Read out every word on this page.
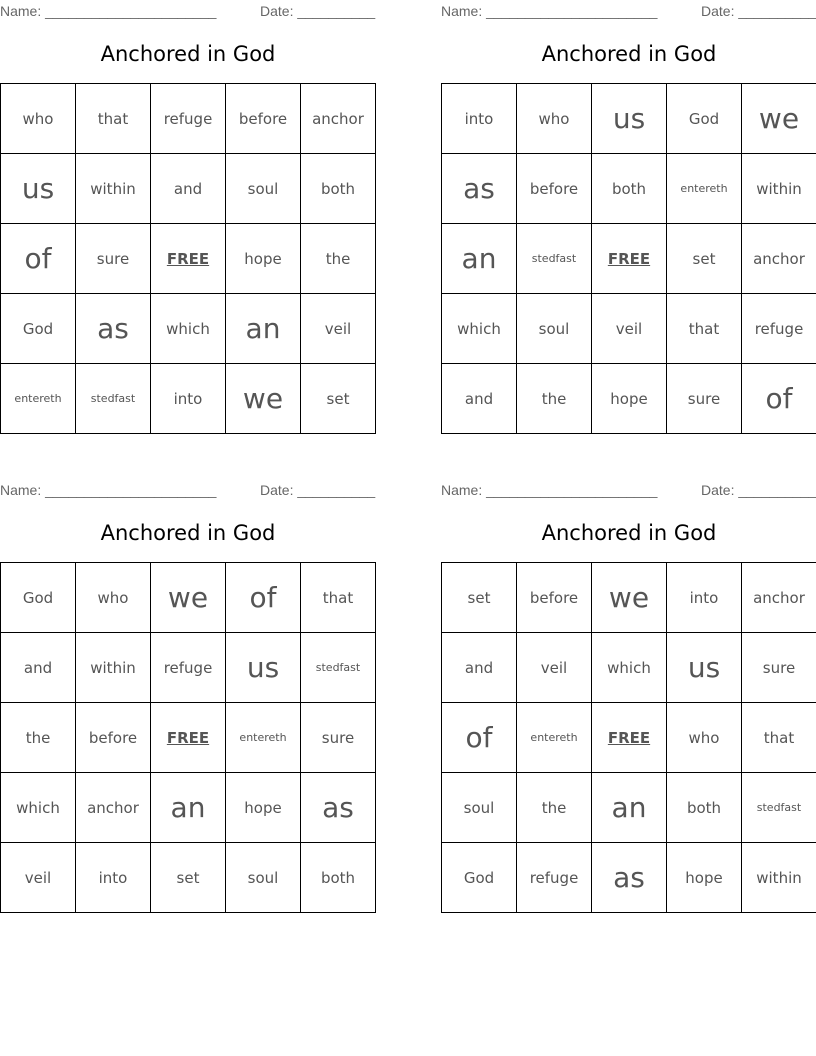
Name: ______________________	Date: __________
Anchored in God
who	that	refuge	before	anchor
us	within	and	soul	both
of	sure	FREE	hope	the
God	as	which	an	veil
entereth	stedfast	into	we	set
Name: ______________________	Date: __________
Anchored in God
into	who	us	God	we
as	before	both	entereth	within
an	stedfast	FREE	set	anchor
which	soul	veil	that	refuge
and	the	hope	sure	of
Name: ______________________	Date: __________
Anchored in God
God	who	we	of	that
and	within	refuge	us	stedfast
the	before	FREE	entereth	sure
which	anchor	an	hope	as
veil	into	set	soul	both
Name: ______________________	Date: __________
Anchored in God
set	before	we	into	anchor
and	veil	which	us	sure
of	entereth	FREE	who	that
soul	the	an	both	stedfast
God	refuge	as	hope	within
